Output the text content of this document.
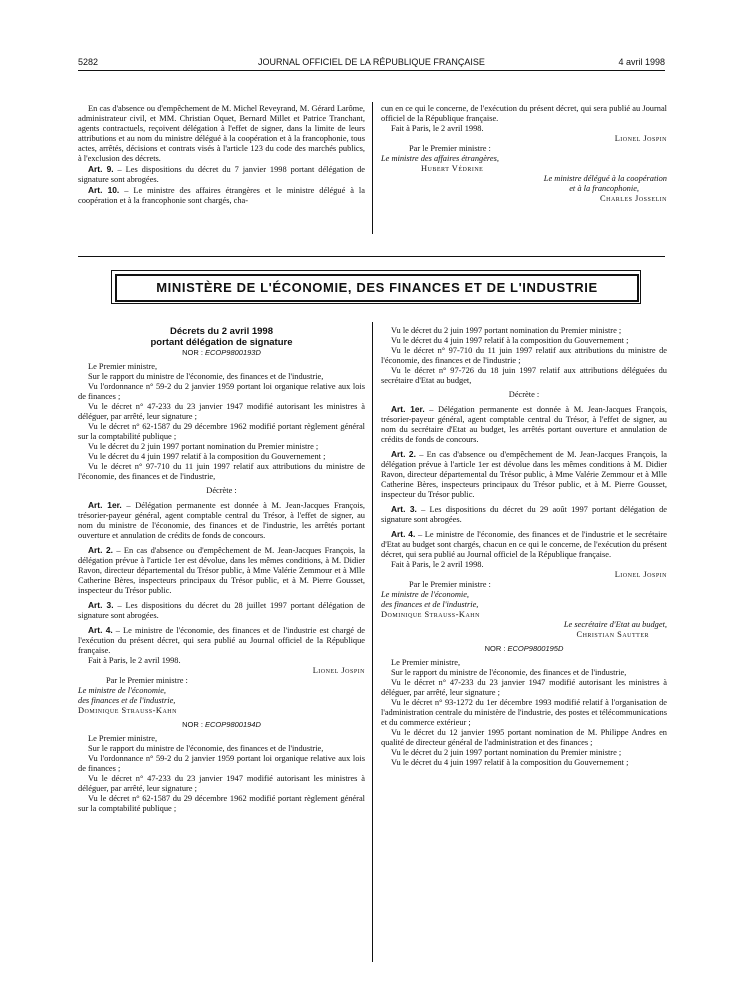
5282	JOURNAL OFFICIEL DE LA RÉPUBLIQUE FRANÇAISE	4 avril 1998

En cas d'absence ou d'empêchement de M. Michel Reveyrand, M. Gérard Larôme, administrateur civil, et MM. Christian Oquet, Bernard Millet et Patrice Tranchant, agents contractuels, reçoivent délégation à l'effet de signer, dans la limite de leurs attributions et au nom du ministre délégué à la coopération et à la francophonie, tous actes, arrêtés, décisions et contrats visés à l'article 123 du code des marchés publics, à l'exclusion des décrets.

Art. 9. – Les dispositions du décret du 7 janvier 1998 portant délégation de signature sont abrogées.

Art. 10. – Le ministre des affaires étrangères et le ministre délégué à la coopération et à la francophonie sont chargés, cha-

cun en ce qui le concerne, de l'exécution du présent décret, qui sera publié au Journal officiel de la République française.

Fait à Paris, le 2 avril 1998.

Lionel Jospin

Par le Premier ministre :

Le ministre des affaires étrangères,

Hubert Védrine

Le ministre délégué à la coopération

et à la francophonie,

Charles Josselin

MINISTÈRE DE L'ÉCONOMIE, DES FINANCES ET DE L'INDUSTRIE
Décrets du 2 avril 1998
portant délégation de signature
NOR : ECOP9800193D

Le Premier ministre,

Sur le rapport du ministre de l'économie, des finances et de l'industrie,

Vu l'ordonnance n° 59-2 du 2 janvier 1959 portant loi organique relative aux lois de finances ;

Vu le décret n° 47-233 du 23 janvier 1947 modifié autorisant les ministres à déléguer, par arrêté, leur signature ;

Vu le décret n° 62-1587 du 29 décembre 1962 modifié portant règlement général sur la comptabilité publique ;

Vu le décret du 2 juin 1997 portant nomination du Premier ministre ;

Vu le décret du 4 juin 1997 relatif à la composition du Gouvernement ;

Vu le décret n° 97-710 du 11 juin 1997 relatif aux attributions du ministre de l'économie, des finances et de l'industrie,

Décrète :

Art. 1er. – Délégation permanente est donnée à M. Jean-Jacques François, trésorier-payeur général, agent comptable central du Trésor, à l'effet de signer, au nom du ministre de l'économie, des finances et de l'industrie, les arrêtés portant ouverture et annulation de crédits de fonds de concours.

Art. 2. – En cas d'absence ou d'empêchement de M. Jean-Jacques François, la délégation prévue à l'article 1er est dévolue, dans les mêmes conditions, à M. Didier Ravon, directeur départemental du Trésor public, à Mme Valérie Zemmour et à Mlle Catherine Bères, inspecteurs principaux du Trésor public, et à M. Pierre Gousset, inspecteur du Trésor public.

Art. 3. – Les dispositions du décret du 28 juillet 1997 portant délégation de signature sont abrogées.

Art. 4. – Le ministre de l'économie, des finances et de l'industrie est chargé de l'exécution du présent décret, qui sera publié au Journal officiel de la République française.

Fait à Paris, le 2 avril 1998.

Lionel Jospin

Par le Premier ministre :

Le ministre de l'économie,

des finances et de l'industrie,

Dominique Strauss-Kahn

NOR : ECOP9800194D

Le Premier ministre,

Sur le rapport du ministre de l'économie, des finances et de l'industrie,

Vu l'ordonnance n° 59-2 du 2 janvier 1959 portant loi organique relative aux lois de finances ;

Vu le décret n° 47-233 du 23 janvier 1947 modifié autorisant les ministres à déléguer, par arrêté, leur signature ;

Vu le décret n° 62-1587 du 29 décembre 1962 modifié portant règlement général sur la comptabilité publique ;

Vu le décret du 2 juin 1997 portant nomination du Premier ministre ;

Vu le décret du 4 juin 1997 relatif à la composition du Gouvernement ;

Vu le décret n° 97-710 du 11 juin 1997 relatif aux attributions du ministre de l'économie, des finances et de l'industrie ;

Vu le décret n° 97-726 du 18 juin 1997 relatif aux attributions déléguées du secrétaire d'Etat au budget,

Décrète :

Art. 1er. – Délégation permanente est donnée à M. Jean-Jacques François, trésorier-payeur général, agent comptable central du Trésor, à l'effet de signer, au nom du secrétaire d'Etat au budget, les arrêtés portant ouverture et annulation de crédits de fonds de concours.

Art. 2. – En cas d'absence ou d'empêchement de M. Jean-Jacques François, la délégation prévue à l'article 1er est dévolue dans les mêmes conditions à M. Didier Ravon, directeur départemental du Trésor public, à Mme Valérie Zemmour et à Mlle Catherine Bères, inspecteurs principaux du Trésor public, et à M. Pierre Gousset, inspecteur du Trésor public.

Art. 3. – Les dispositions du décret du 29 août 1997 portant délégation de signature sont abrogées.

Art. 4. – Le ministre de l'économie, des finances et de l'industrie et le secrétaire d'Etat au budget sont chargés, chacun en ce qui le concerne, de l'exécution du présent décret, qui sera publié au Journal officiel de la République française.

Fait à Paris, le 2 avril 1998.

Lionel Jospin

Par le Premier ministre :

Le ministre de l'économie,

des finances et de l'industrie,

Dominique Strauss-Kahn

Le secrétaire d'Etat au budget,

Christian Sautter

NOR : ECOP9800195D

Le Premier ministre,

Sur le rapport du ministre de l'économie, des finances et de l'industrie,

Vu le décret n° 47-233 du 23 janvier 1947 modifié autorisant les ministres à déléguer, par arrêté, leur signature ;

Vu le décret n° 93-1272 du 1er décembre 1993 modifié relatif à l'organisation de l'administration centrale du ministère de l'industrie, des postes et télécommunications et du commerce extérieur ;

Vu le décret du 12 janvier 1995 portant nomination de M. Philippe Andres en qualité de directeur général de l'administration et des finances ;

Vu le décret du 2 juin 1997 portant nomination du Premier ministre ;

Vu le décret du 4 juin 1997 relatif à la composition du Gouvernement ;
